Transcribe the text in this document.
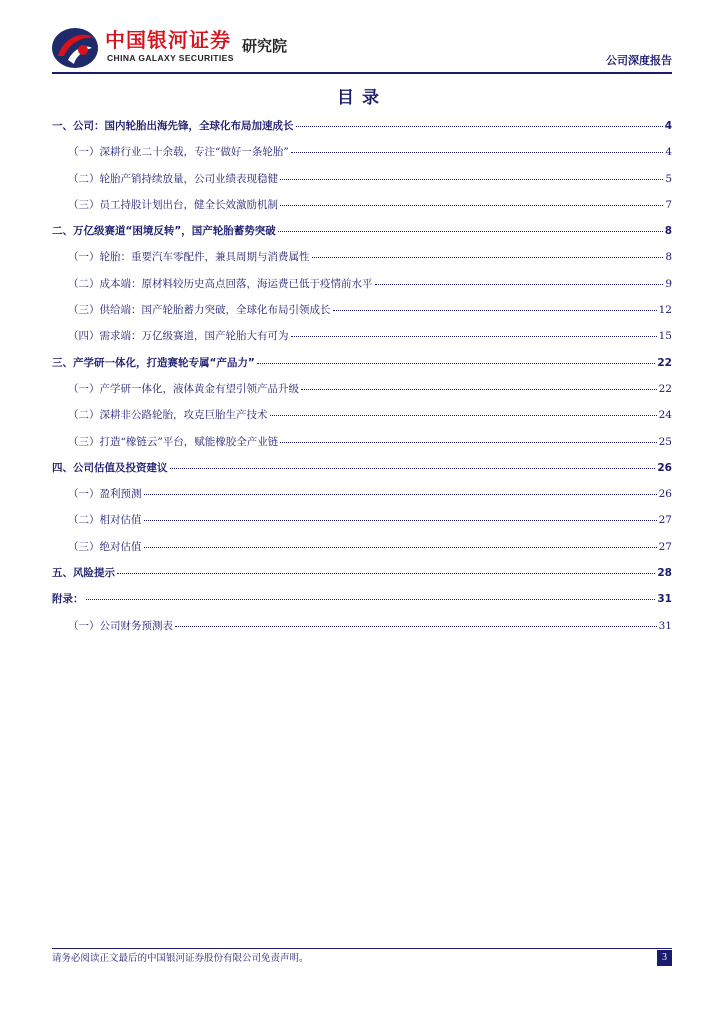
中国银河证券
CHINA GALAXY SECURITIES
研究院
公司深度报告
目录
一、公司：国内轮胎出海先锋，全球化布局加速成长	4
（一）深耕行业二十余载，专注“做好一条轮胎”	4
（二）轮胎产销持续放量，公司业绩表现稳健	5
（三）员工持股计划出台，健全长效激励机制	7
二、万亿级赛道“困境反转”，国产轮胎蓄势突破	8
（一）轮胎：重要汽车零配件，兼具周期与消费属性	8
（二）成本端：原材料较历史高点回落，海运费已低于疫情前水平	9
（三）供给端：国产轮胎蓄力突破，全球化布局引领成长	12
（四）需求端：万亿级赛道，国产轮胎大有可为	15
三、产学研一体化，打造赛轮专属“产品力”	22
（一）产学研一体化，液体黄金有望引领产品升级	22
（二）深耕非公路轮胎，攻克巨胎生产技术	24
（三）打造“橡链云”平台，赋能橡胶全产业链	25
四、公司估值及投资建议	26
（一）盈利预测	26
（二）相对估值	27
（三）绝对估值	27
五、风险提示	28
附录：	31
（一）公司财务预测表	31
请务必阅读正文最后的中国银河证券股份有限公司免责声明。	3
